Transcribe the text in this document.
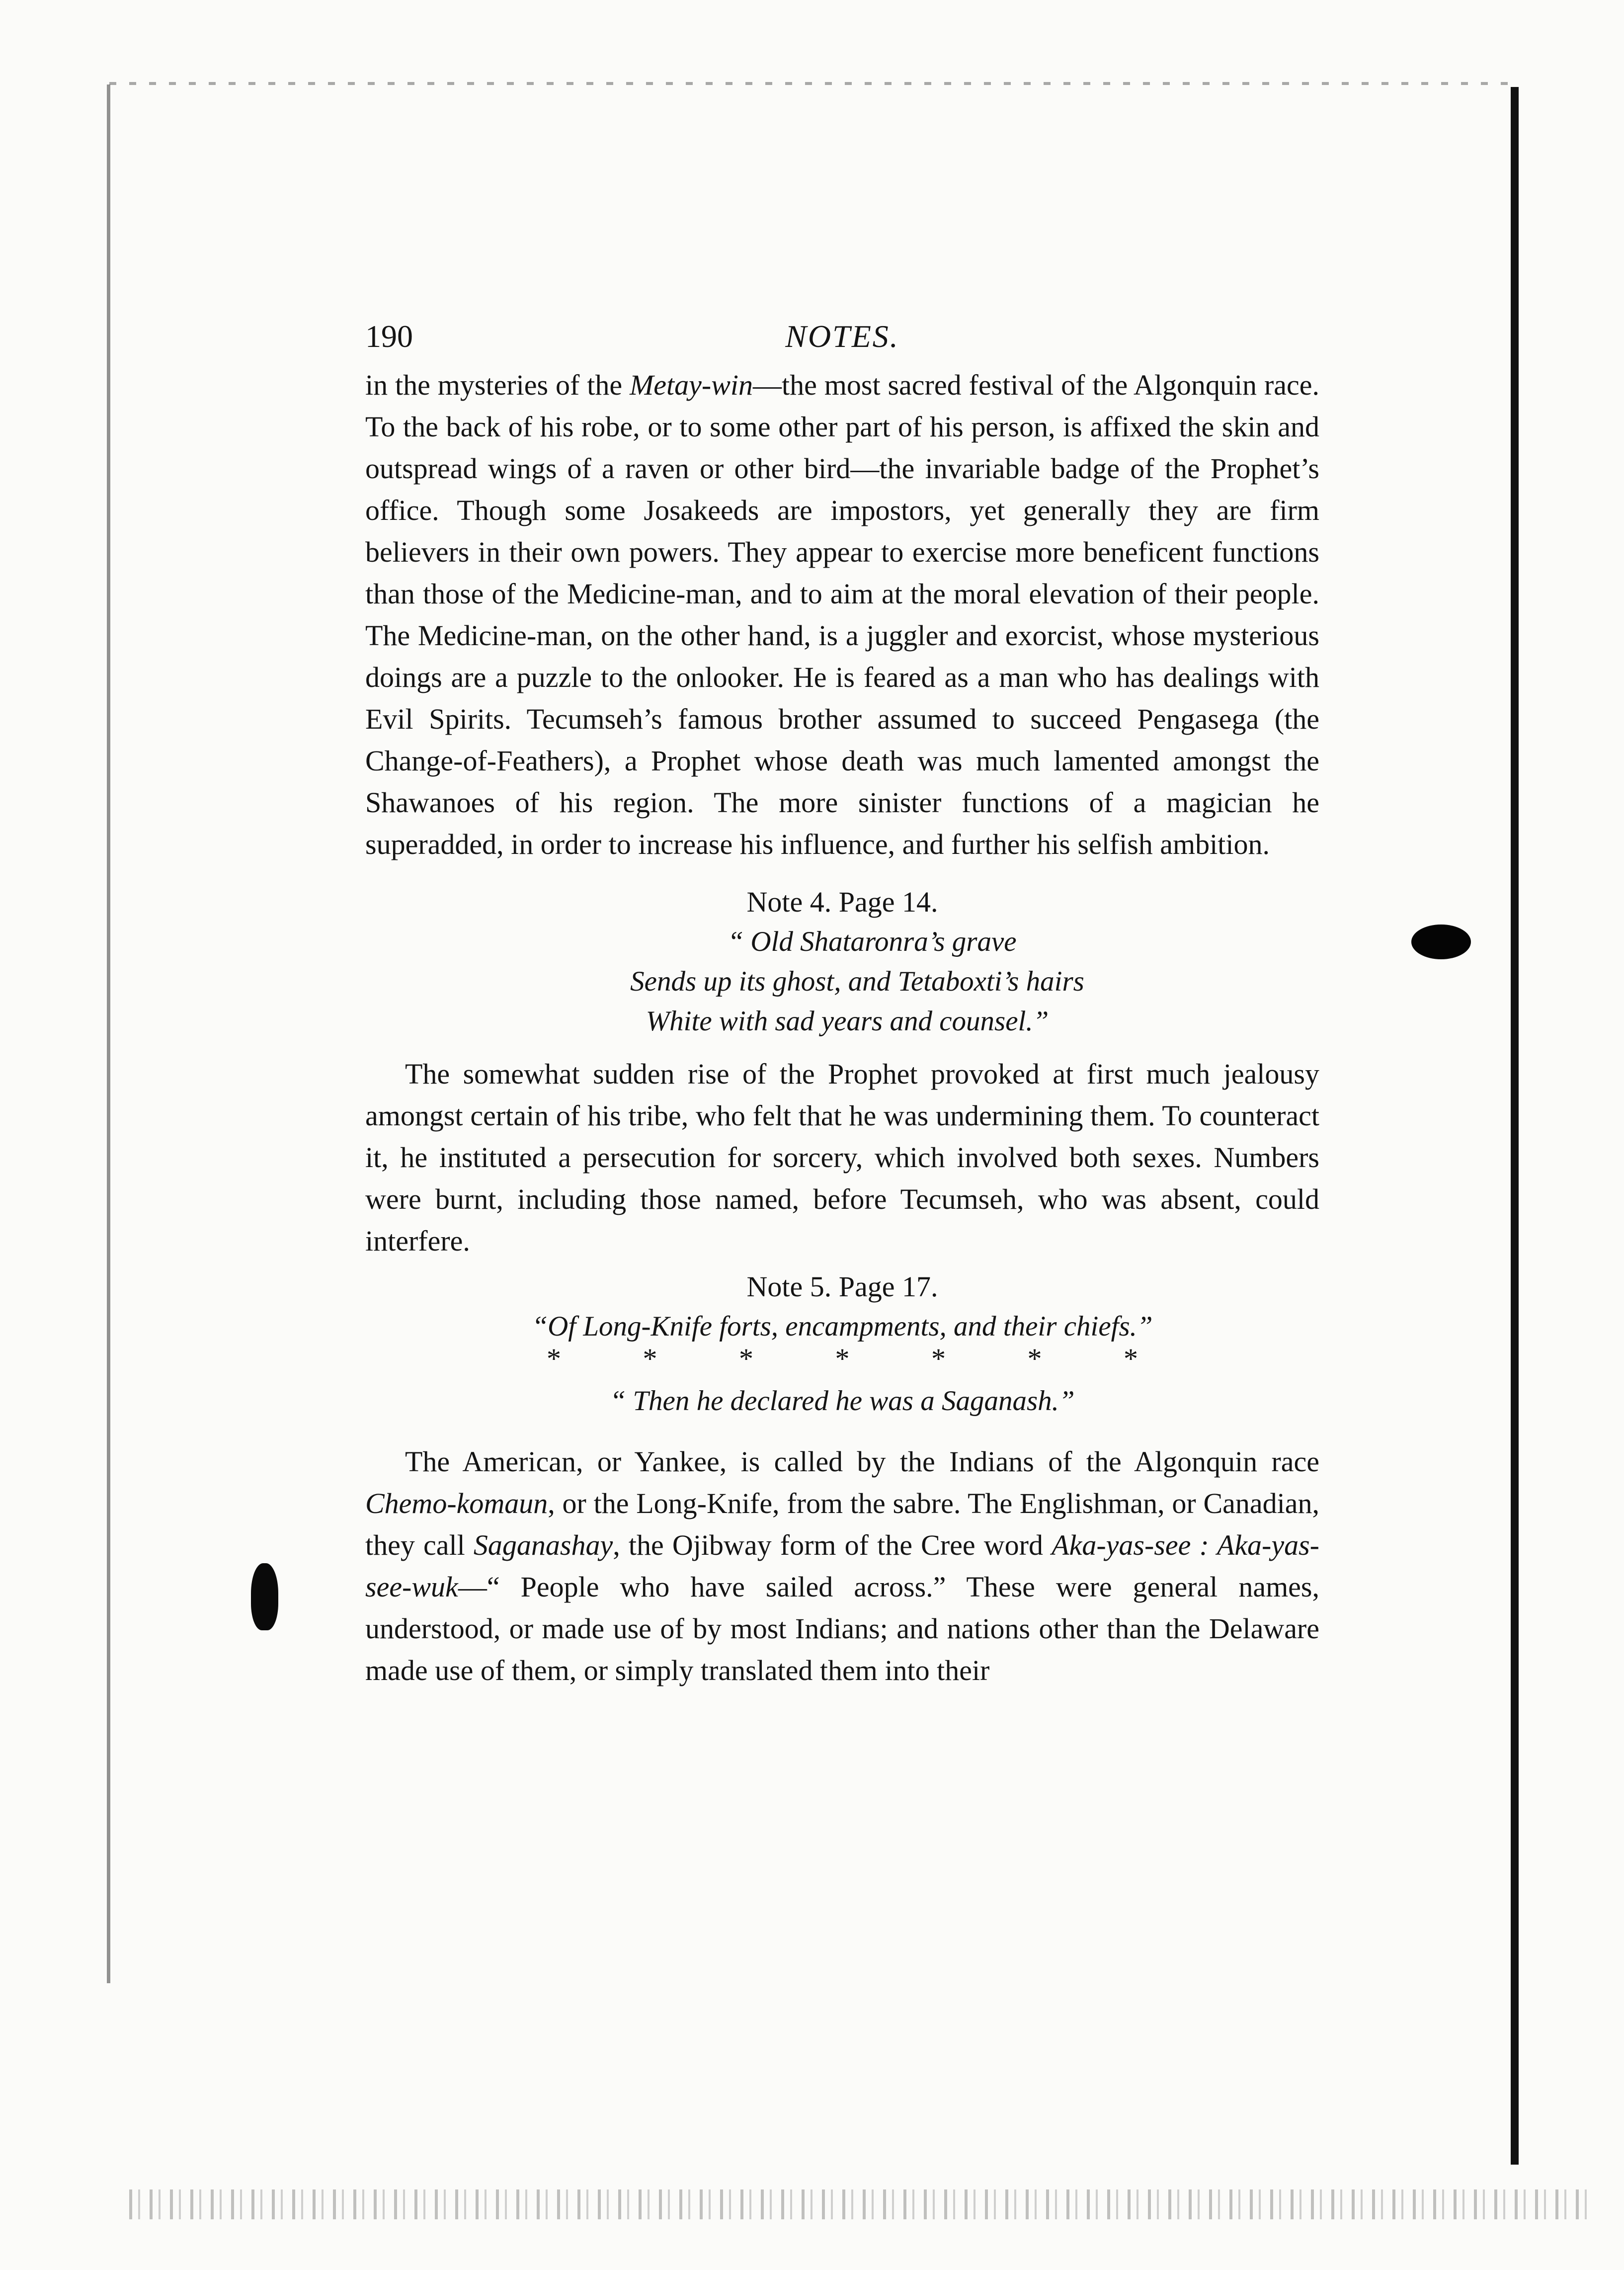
190	NOTES.

in the mysteries of the Metay-win—the most sacred festival of the Algonquin race. To the back of his robe, or to some other part of his person, is affixed the skin and outspread wings of a raven or other bird—the invariable badge of the Prophet’s office. Though some Josakeeds are impostors, yet generally they are firm believers in their own powers. They appear to exercise more beneficent functions than those of the Medicine-man, and to aim at the moral elevation of their people. The Medicine-man, on the other hand, is a juggler and exorcist, whose mysterious doings are a puzzle to the onlooker. He is feared as a man who has dealings with Evil Spirits. Tecumseh’s famous brother assumed to succeed Pengasega (the Change-of-Feathers), a Prophet whose death was much lamented amongst the Shawanoes of his region. The more sinister functions of a magician he superadded, in order to increase his influence, and further his selfish ambition.

Note 4. Page 14.
“ Old Shataronra’s grave
Sends up its ghost, and Tetaboxti’s hairs
White with sad years and counsel.”

The somewhat sudden rise of the Prophet provoked at first much jealousy amongst certain of his tribe, who felt that he was undermining them. To counteract it, he instituted a persecution for sorcery, which involved both sexes. Numbers were burnt, including those named, before Tecumseh, who was absent, could interfere.

Note 5. Page 17.
“Of Long-Knife forts, encampments, and their chiefs.”
* * * * * * *
“ Then he declared he was a Saganash.”

The American, or Yankee, is called by the Indians of the Algonquin race Chemo-komaun, or the Long-Knife, from the sabre. The Englishman, or Canadian, they call Saganashay, the Ojibway form of the Cree word Aka-yas-see : Aka-yas-see-wuk—“ People who have sailed across.” These were general names, understood, or made use of by most Indians; and nations other than the Delaware made use of them, or simply translated them into their
